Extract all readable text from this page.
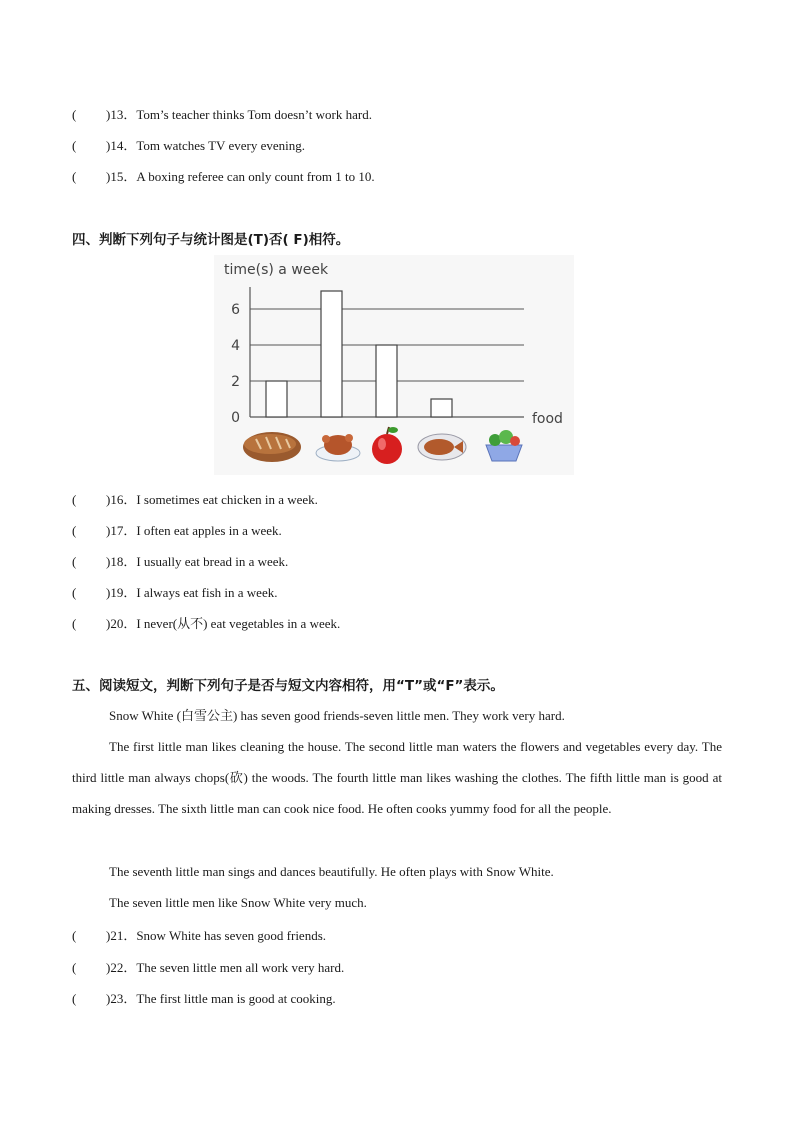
( )13．Tom’s teacher thinks Tom doesn’t work hard.
( )14．Tom watches TV every evening.
( )15．A boxing referee can only count from 1 to 10.
四、判断下列句子与统计图是(T)否( F)相符。
time(s) a week
food
0
2
4
6
( )16．I sometimes eat chicken in a week.
( )17．I often eat apples in a week.
( )18．I usually eat bread in a week.
( )19．I always eat fish in a week.
( )20．I never(从不) eat vegetables in a week.
五、阅读短文，判断下列句子是否与短文内容相符，用“T”或“F”表示。
Snow White (白雪公主) has seven good friends-seven little men. They work very hard.
The first little man likes cleaning the house. The second little man waters the flowers and vegetables every day. The third little man always chops(砍) the woods. The fourth little man likes washing the clothes. The fifth little man is good at making dresses. The sixth little man can cook nice food. He often cooks yummy food for all the people.
The seventh little man sings and dances beautifully. He often plays with Snow White.
The seven little men like Snow White very much.
( )21．Snow White has seven good friends.
( )22．The seven little men all work very hard.
( )23．The first little man is good at cooking.
